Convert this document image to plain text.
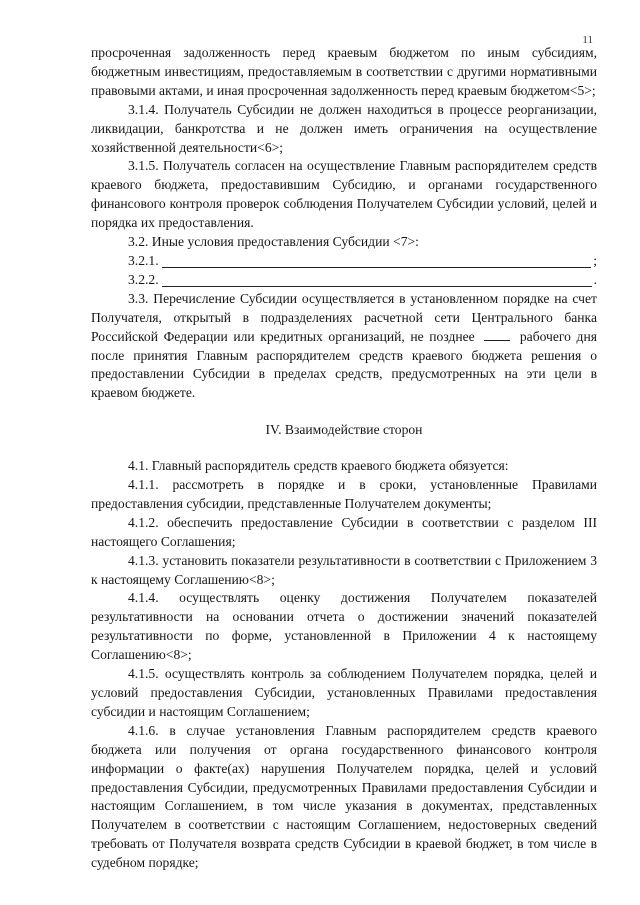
11

просроченная задолженность перед краевым бюджетом по иным субсидиям, бюджетным инвестициям, предоставляемым в соответствии с другими нормативными правовыми актами, и иная просроченная задолженность перед краевым бюджетом<5>;

3.1.4. Получатель Субсидии не должен находиться в процессе реорганизации, ликвидации, банкротства и не должен иметь ограничения на осуществление хозяйственной деятельности<6>;

3.1.5. Получатель согласен на осуществление Главным распорядителем средств краевого бюджета, предоставившим Субсидию, и органами государственного финансового контроля проверок соблюдения Получателем Субсидии условий, целей и порядка их предоставления.

3.2. Иные условия предоставления Субсидии <7>:

3.2.1.	;
3.2.2.	.

3.3. Перечисление Субсидии осуществляется в установленном порядке на счет Получателя, открытый в подразделениях расчетной сети Центрального банка Российской Федерации или кредитных организаций, не позднее	рабочего дня после принятия Главным распорядителем средств краевого бюджета решения о предоставлении Субсидии в пределах средств, предусмотренных на эти цели в краевом бюджете.

IV. Взаимодействие сторон

4.1. Главный распорядитель средств краевого бюджета обязуется:

4.1.1. рассмотреть в порядке и в сроки, установленные Правилами предоставления субсидии, представленные Получателем документы;

4.1.2. обеспечить предоставление Субсидии в соответствии с разделом III настоящего Соглашения;

4.1.3. установить показатели результативности в соответствии с Приложением 3 к настоящему Соглашению<8>;

4.1.4. осуществлять оценку достижения Получателем показателей результативности на основании отчета о достижении значений показателей результативности по форме, установленной в Приложении 4 к настоящему Соглашению<8>;

4.1.5. осуществлять контроль за соблюдением Получателем порядка, целей и условий предоставления Субсидии, установленных Правилами предоставления субсидии и настоящим Соглашением;

4.1.6. в случае установления Главным распорядителем средств краевого бюджета или получения от органа государственного финансового контроля информации о факте(ах) нарушения Получателем порядка, целей и условий предоставления Субсидии, предусмотренных Правилами предоставления Субсидии и настоящим Соглашением, в том числе указания в документах, представленных Получателем в соответствии с настоящим Соглашением, недостоверных сведений требовать от Получателя возврата средств Субсидии в краевой бюджет, в том числе в судебном порядке;
